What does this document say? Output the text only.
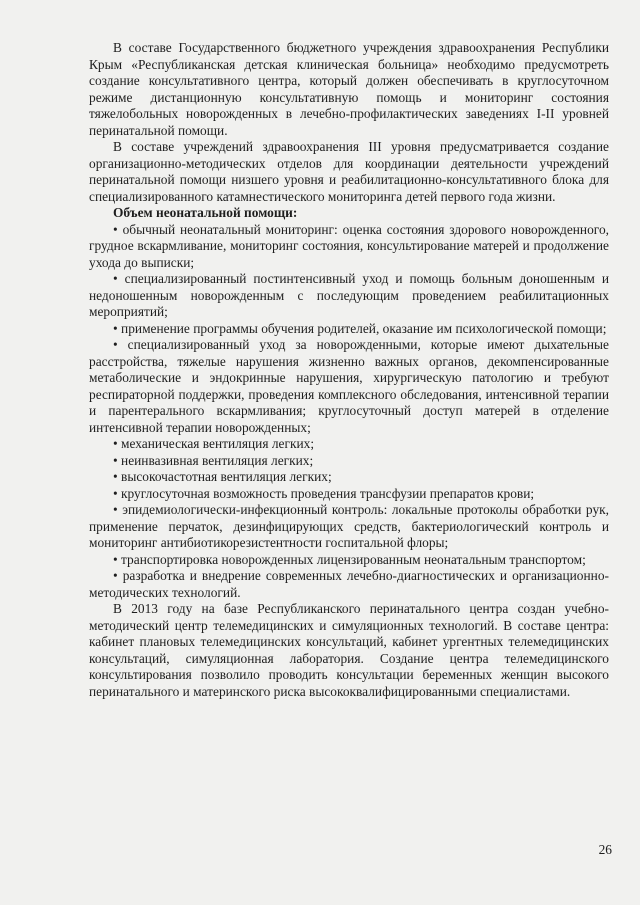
В составе Государственного бюджетного учреждения здравоохранения Республики Крым «Республиканская детская клиническая больница» необходимо предусмотреть создание консультативного центра, который должен обеспечивать в круглосуточном режиме дистанционную консультативную помощь и мониторинг состояния тяжелобольных новорожденных в лечебно-профилактических заведениях I-II уровней перинатальной помощи.

В составе учреждений здравоохранения III уровня предусматривается создание организационно-методических отделов для координации деятельности учреждений перинатальной помощи низшего уровня и реабилитационно-консультативного блока для специализированного катамнестического мониторинга детей первого года жизни.

Объем неонатальной помощи:

• обычный неонатальный мониторинг: оценка состояния здорового новорожденного, грудное вскармливание, мониторинг состояния, консультирование матерей и продолжение ухода до выписки;

• специализированный постинтенсивный уход и помощь больным доношенным и недоношенным новорожденным с последующим проведением реабилитационных мероприятий;

• применение программы обучения родителей, оказание им психологической помощи;

• специализированный уход за новорожденными, которые имеют дыхательные расстройства, тяжелые нарушения жизненно важных органов, декомпенсированные метаболические и эндокринные нарушения, хирургическую патологию и требуют респираторной поддержки, проведения комплексного обследования, интенсивной терапии и парентерального вскармливания; круглосуточный доступ матерей в отделение интенсивной терапии новорожденных;

• механическая вентиляция легких;

• неинвазивная вентиляция легких;

• высокочастотная вентиляция легких;

• круглосуточная возможность проведения трансфузии препаратов крови;

• эпидемиологически-инфекционный контроль: локальные протоколы обработки рук, применение перчаток, дезинфицирующих средств, бактериологический контроль и мониторинг антибиотикорезистентности госпитальной флоры;

• транспортировка новорожденных лицензированным неонатальным транспортом;

• разработка и внедрение современных лечебно-диагностических и организационно-методических технологий.

В 2013 году на базе Республиканского перинатального центра создан учебно-методический центр телемедицинских и симуляционных технологий. В составе центра: кабинет плановых телемедицинских консультаций, кабинет ургентных телемедицинских консультаций, симуляционная лаборатория. Создание центра телемедицинского консультирования позволило проводить консультации беременных женщин высокого перинатального и материнского риска высококвалифицированными специалистами.

26
